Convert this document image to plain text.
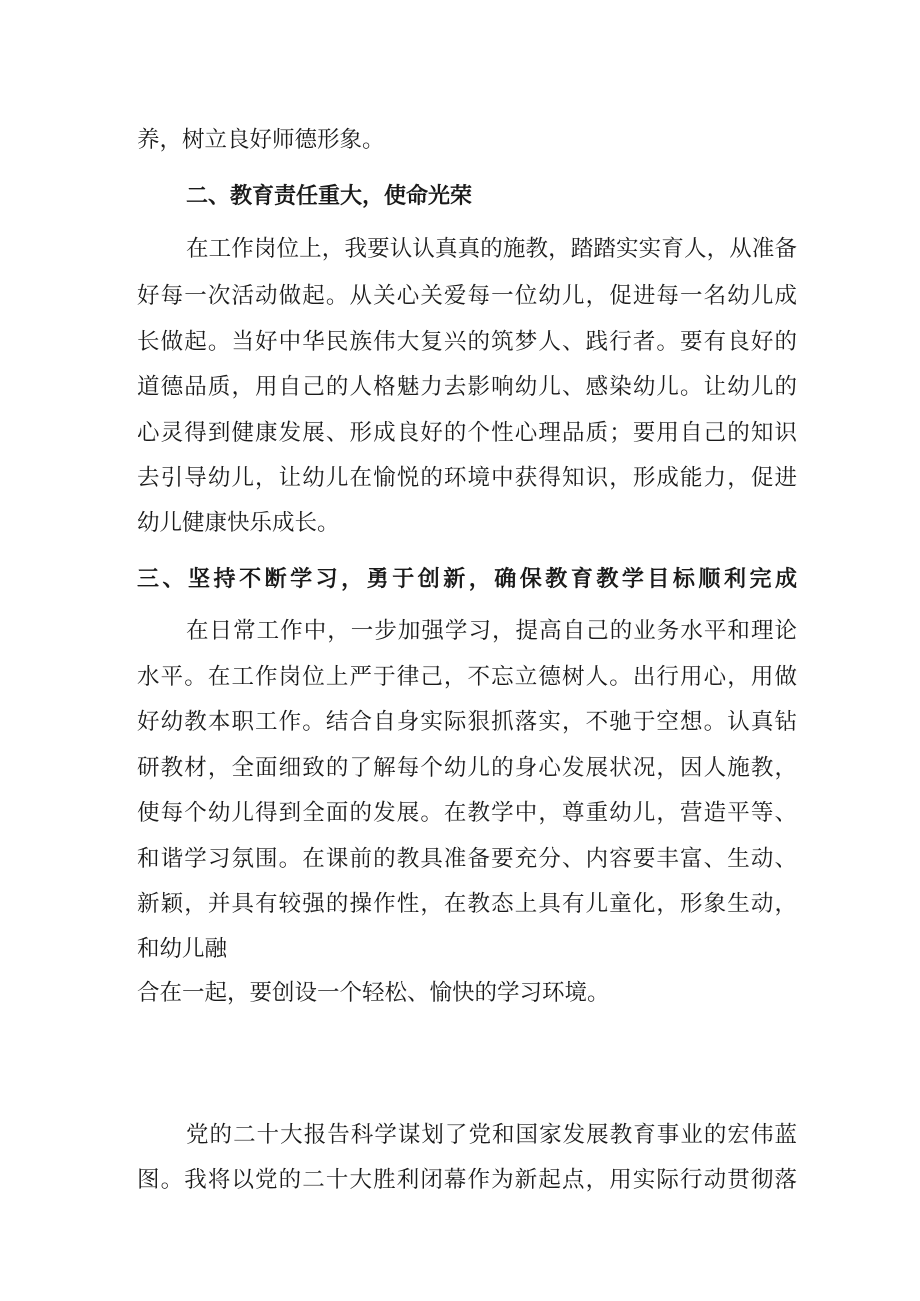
养，树立良好师德形象。
二、教育责任重大，使命光荣
在工作岗位上，我要认认真真的施教，踏踏实实育人，从准备
好每一次活动做起。从关心关爱每一位幼儿，促进每一名幼儿成
长做起。当好中华民族伟大复兴的筑梦人、践行者。要有良好的
道德品质，用自己的人格魅力去影响幼儿、感染幼儿。让幼儿的
心灵得到健康发展、形成良好的个性心理品质；要用自己的知识
去引导幼儿，让幼儿在愉悦的环境中获得知识，形成能力，促进
幼儿健康快乐成长。
三、坚持不断学习，勇于创新，确保教育教学目标顺利完成
在日常工作中，一步加强学习，提高自己的业务水平和理论
水平。在工作岗位上严于律己，不忘立德树人。出行用心，用做
好幼教本职工作。结合自身实际狠抓落实，不驰于空想。认真钻
研教材，全面细致的了解每个幼儿的身心发展状况，因人施教，
使每个幼儿得到全面的发展。在教学中，尊重幼儿，营造平等、
和谐学习氛围。在课前的教具准备要充分、内容要丰富、生动、
新颖，并具有较强的操作性，在教态上具有儿童化，形象生动，
和幼儿融
合在一起，要创设一个轻松、愉快的学习环境。
党的二十大报告科学谋划了党和国家发展教育事业的宏伟蓝
图。我将以党的二十大胜利闭幕作为新起点，用实际行动贯彻落
